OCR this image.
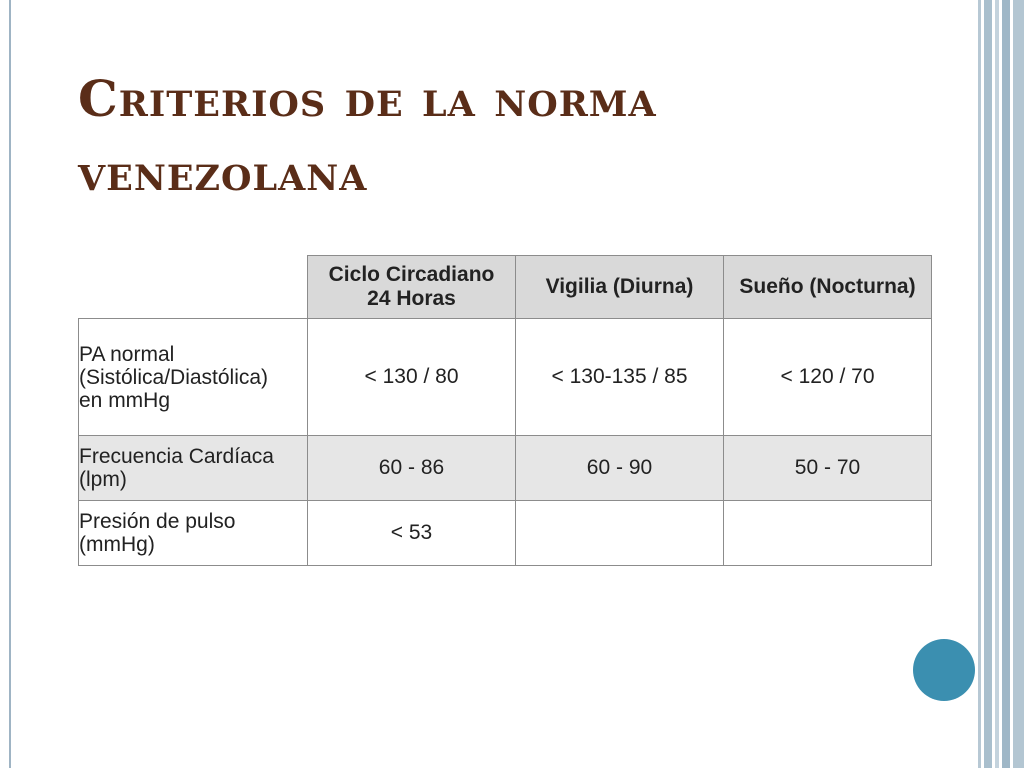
Criterios de la norma
venezolana

	Ciclo Circadiano
24 Horas	Vigilia (Diurna)	Sueño (Nocturna)

PA normal
(Sistólica/Diastólica)
en mmHg	< 130 / 80	< 130-135 / 85	< 120 / 70

Frecuencia Cardíaca
(lpm)	60 - 86	60 - 90	50 - 70

Presión de pulso
(mmHg)	< 53		
